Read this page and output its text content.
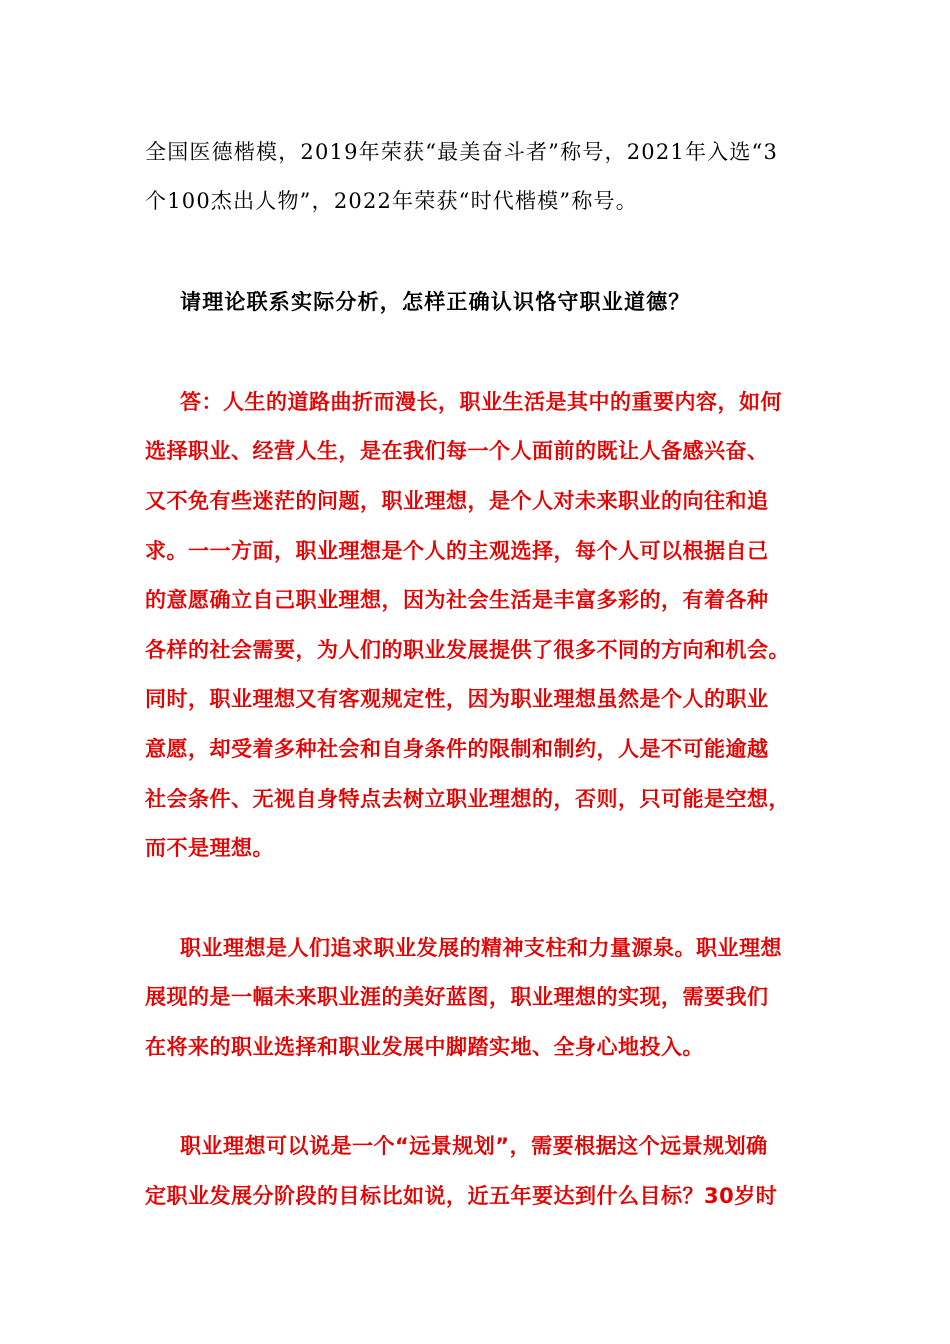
全国医德楷模，2019年荣获“最美奋斗者”称号，2021年入选“3
个100杰出人物”，2022年荣获“时代楷模”称号。
请理论联系实际分析，怎样正确认识恪守职业道德？
答：人生的道路曲折而漫长，职业生活是其中的重要内容，如何
选择职业、经营人生，是在我们每一个人面前的既让人备感兴奋、
又不免有些迷茫的问题，职业理想，是个人对未来职业的向往和追
求。一一方面，职业理想是个人的主观选择，每个人可以根据自己
的意愿确立自己职业理想，因为社会生活是丰富多彩的，有着各种
各样的社会需要，为人们的职业发展提供了很多不同的方向和机会。
同时，职业理想又有客观规定性，因为职业理想虽然是个人的职业
意愿，却受着多种社会和自身条件的限制和制约，人是不可能逾越
社会条件、无视自身特点去树立职业理想的，否则，只可能是空想，
而不是理想。
职业理想是人们追求职业发展的精神支柱和力量源泉。职业理想
展现的是一幅未来职业涯的美好蓝图，职业理想的实现，需要我们
在将来的职业选择和职业发展中脚踏实地、全身心地投入。
职业理想可以说是一个“远景规划”，需要根据这个远景规划确
定职业发展分阶段的目标比如说，近五年要达到什么目标？30岁时
